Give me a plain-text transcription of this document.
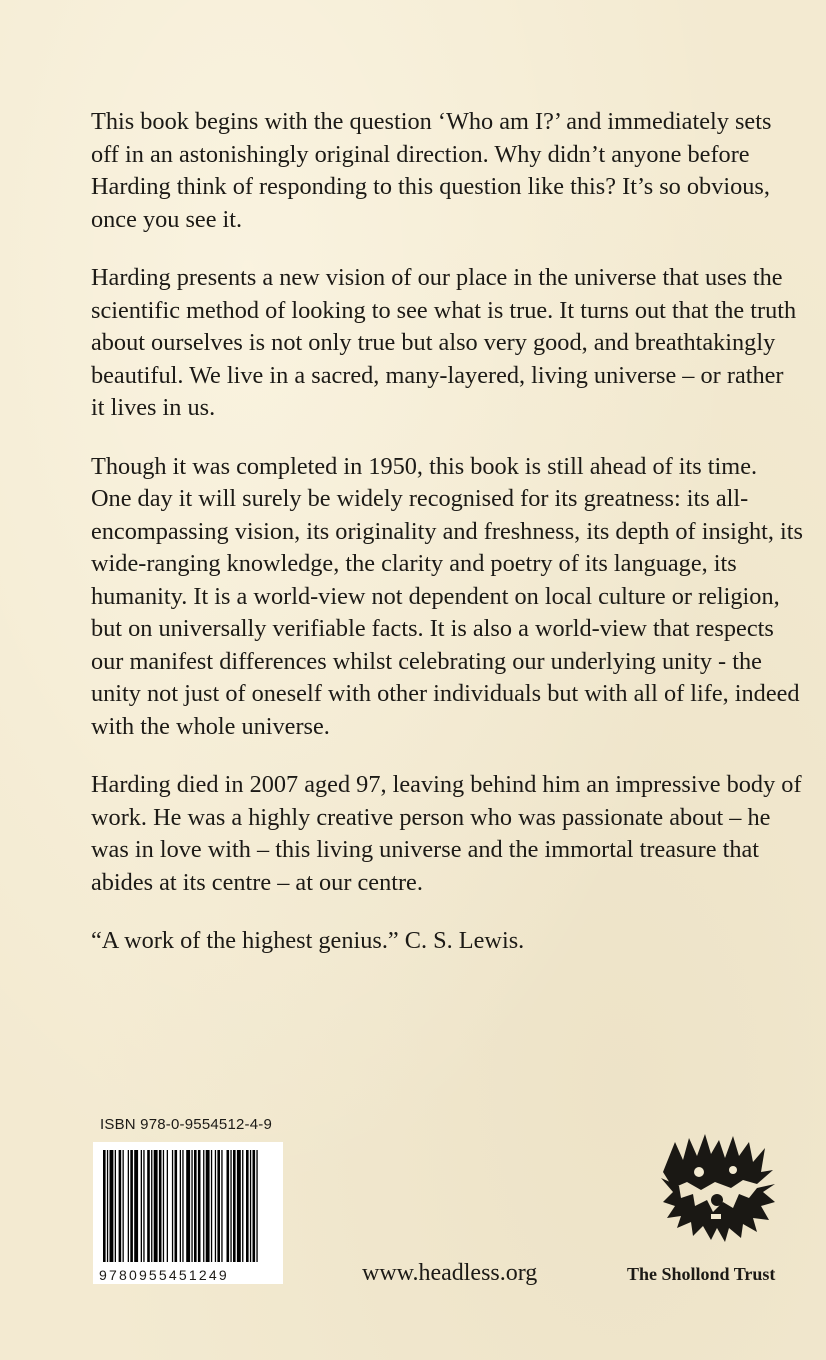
This book begins with the question ‘Who am I?’ and immediately sets off in an astonishingly original direction. Why didn’t anyone before Harding think of responding to this question like this? It’s so obvious, once you see it.

Harding presents a new vision of our place in the universe that uses the scientific method of looking to see what is true. It turns out that the truth about ourselves is not only true but also very good, and breathtakingly beautiful. We live in a sacred, many-layered, living universe – or rather it lives in us.

Though it was completed in 1950, this book is still ahead of its time. One day it will surely be widely recognised for its greatness: its all-encompassing vision, its originality and freshness, its depth of insight, its wide-ranging knowledge, the clarity and poetry of its language, its humanity. It is a world-view not dependent on local culture or religion, but on universally verifiable facts. It is also a world-view that respects our manifest differences whilst celebrating our underlying unity - the unity not just of oneself with other individuals but with all of life, indeed with the whole universe.

Harding died in 2007 aged 97, leaving behind him an impressive body of work. He was a highly creative person who was passionate about – he was in love with – this living universe and the immortal treasure that abides at its centre – at our centre.

“A work of the highest genius.” C. S. Lewis.

ISBN 978-0-9554512-4-9
9780955451249	www.headless.org	The Shollond Trust
